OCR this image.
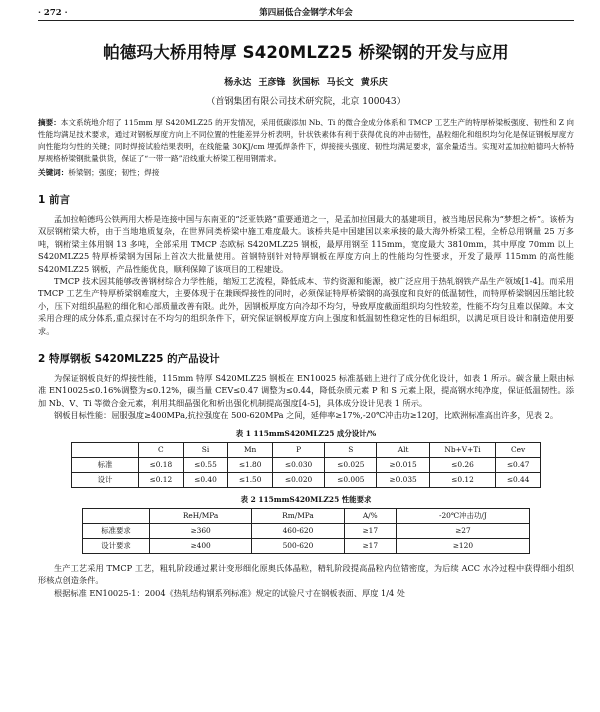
· 272 ·	第四届低合金钢学术年会
帕德玛大桥用特厚 S420MLZ25 桥梁钢的开发与应用
杨永达 王彦锋 狄国标 马长文 黄乐庆
（首钢集团有限公司技术研究院，北京 100043）
摘要：本文系统地介绍了 115mm 厚 S420MLZ25 的开发情况，采用低碳添加 Nb、Ti 的微合金成分体系和 TMCP 工艺生产的特厚桥梁板强度、韧性和 Z 向性能均满足技术要求，通过对钢板厚度方向上不同位置的性能差异分析表明，针状铁素体有利于获得优良的冲击韧性，晶粒细化和组织均匀化是保证钢板厚度方向性能均匀性的关键；同时焊接试验结果表明，在线能量 30KJ/cm 埋弧焊条件下，焊接接头强度、韧性均满足要求，富余量适当。实现对孟加拉帕德玛大桥特厚规格桥梁钢批量供货，保证了“一带一路”沿线重大桥梁工程用钢需求。
关键词：桥梁钢；强度；韧性；焊接
1 前言

孟加拉帕德玛公铁两用大桥是连接中国与东南亚的“泛亚铁路”重要通道之一，是孟加拉国最大的基建项目，被当地居民称为“梦想之桥”。该桥为双层钢桁梁大桥，由于当地地质复杂，在世界同类桥梁中施工难度最大。该桥共是中国建国以来承接的最大海外桥梁工程，全桥总用钢量 25 万多吨，钢桁梁主体用钢 13 多吨，全部采用 TMCP 态欧标 S420MLZ25 钢板，最厚用钢至 115mm，宽度最大 3810mm，其中厚度 70mm 以上 S420MLZ25 特厚桥梁钢为国际上首次大批量使用。首钢特别针对特厚钢板在厚度方向上的性能均匀性要求，开发了最厚 115mm 的高性能 S420MLZ25 钢板，产品性能优良，顺利保障了该项目的工程建设。

TMCP 技术因其能够改善钢材综合力学性能，缩短工艺流程，降低成本、节约资源和能源，被广泛应用于热轧钢铁产品生产领域[1-4]。而采用 TMCP 工艺生产特厚桥梁钢难度大，主要体现于在兼顾焊接性的同时，必须保证特厚桥梁钢的高强度和良好的低温韧性，而特厚桥梁钢因压缩比较小，压下对组织晶粒的细化和心部质量改善有限。此外，因钢板厚度方向冷却不均匀，导致厚度截面组织均匀性较差，性能不均匀且难以保障。本文采用合理的成分体系,重点探讨在不均匀的组织条件下，研究保证钢板厚度方向上强度和低温韧性稳定性的目标组织，以满足项目设计和制造使用要求。

2 特厚钢板 S420MLZ25 的产品设计

为保证钢板良好的焊接性能，115mm 特厚 S420MLZ25 钢板在 EN10025 标准基础上进行了成分优化设计，如表 1 所示。碳含量上限由标准 EN10025≤0.16%调整为≤0.12%，碳当量 CEV≤0.47 调整为≤0.44，降低杂质元素 P 和 S 元素上限，提高钢水纯净度，保证低温韧性。添加 Nb、V、Ti 等微合金元素，利用其细晶强化和析出强化机制提高强度[4-5]，具体成分设计见表 1 所示。

钢板目标性能：屈服强度≥400MPa,抗拉强度在 500-620MPa 之间，延伸率≥17%,-20℃冲击功≥120J，比欧洲标准高出许多，见表 2。

表 1 115mmS420MLZ25 成分设计/%
	C	Si	Mn	P	S	Alt	Nb+V+Ti	Cev
标准	≤0.18	≤0.55	≤1.80	≤0.030	≤0.025	≥0.015	≤0.26	≤0.47
设计	≤0.12	≤0.40	≤1.50	≤0.020	≤0.005	≥0.035	≤0.12	≤0.44
表 2 115mmS420MLZ25 性能要求
	ReH/MPa	Rm/MPa	A/%	-20℃冲击功/J
标准要求	≥360	460-620	≥17	≥27
设计要求	≥400	500-620	≥17	≥120

生产工艺采用 TMCP 工艺，粗轧阶段通过累计变形细化原奥氏体晶粒，精轧阶段提高晶粒内位错密度，为后续 ACC 水冷过程中获得细小组织形核点创造条件。

根据标准 EN10025-1：2004《热轧结构钢系列标准》规定的试验尺寸在钢板表面、厚度 1/4 处
